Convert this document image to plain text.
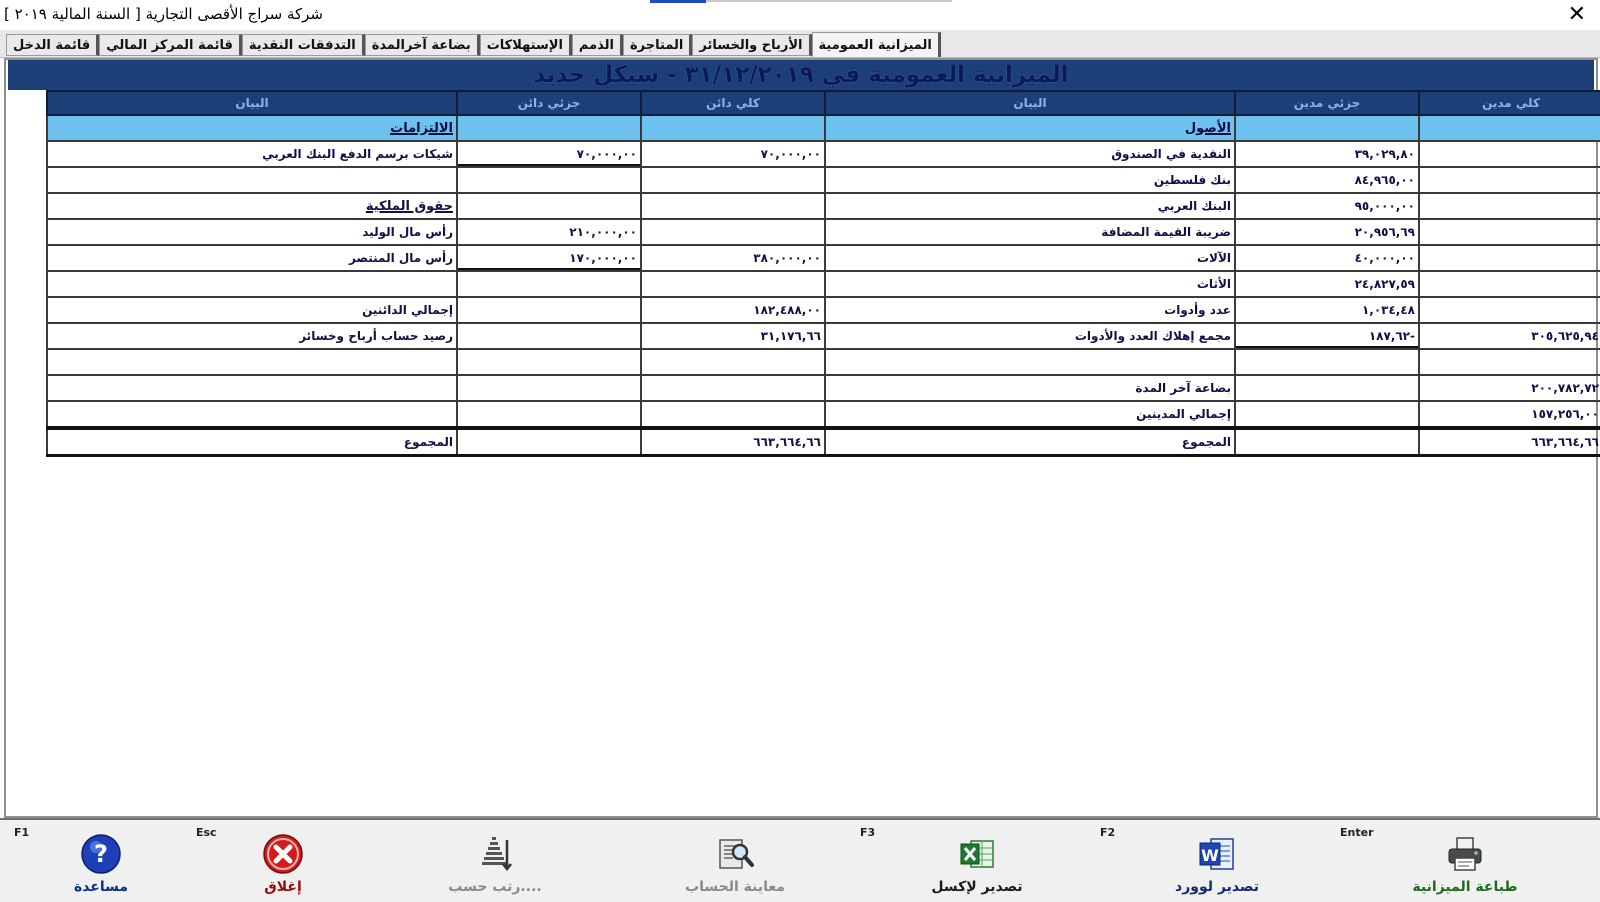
شركة سراج الأقصى التجارية [ السنة المالية ٢٠١٩ ]	✕
الميزانية العمومية
الأرباح والخسائر
المتاجرة
الذمم
الإستهلاكات
بضاعة آخرالمدة
التدفقات النقدية
قائمة المركز المالي
قائمة الدخل
الميزانية العمومية في ٣١/١٢/٢٠١٩ - شيكل جديد
البيان	جزئي دائن	كلي دائن	البيان	جزئي مدين	كلي مدين
الالتزامات			الأصول		
شيكات برسم الدفع البنك العربي	٧٠,٠٠٠,٠٠	٧٠,٠٠٠,٠٠	النقدية في الصندوق	٣٩,٠٢٩,٨٠	
			بنك فلسطين	٨٤,٩٦٥,٠٠	
حقوق الملكية			البنك العربي	٩٥,٠٠٠,٠٠	
رأس مال الوليد	٢١٠,٠٠٠,٠٠		ضريبة القيمة المضافة	٢٠,٩٥٦,٦٩	
رأس مال المنتصر	١٧٠,٠٠٠,٠٠	٣٨٠,٠٠٠,٠٠	الآلات	٤٠,٠٠٠,٠٠	
			الأثاث	٢٤,٨٢٧,٥٩	
إجمالي الدائنين		١٨٢,٤٨٨,٠٠	عدد وأدوات	١,٠٣٤,٤٨	
رصيد حساب أرباح وخسائر		٣١,١٧٦,٦٦	مجمع إهلاك العدد والأدوات	-١٨٧,٦٢	٣٠٥,٦٢٥,٩٤

			بضاعة آخر المدة		٢٠٠,٧٨٢,٧٢
			إجمالي المدينين		١٥٧,٢٥٦,٠٠
المجموع		٦٦٣,٦٦٤,٦٦	المجموع		٦٦٣,٦٦٤,٦٦
F1
?
مساعدة
Esc
إغلاق	....رتب حسب	معاينة الحساب
F3
تصدير لإكسل
F2
W
تصدير لوورد
Enter
طباعة الميزانية
